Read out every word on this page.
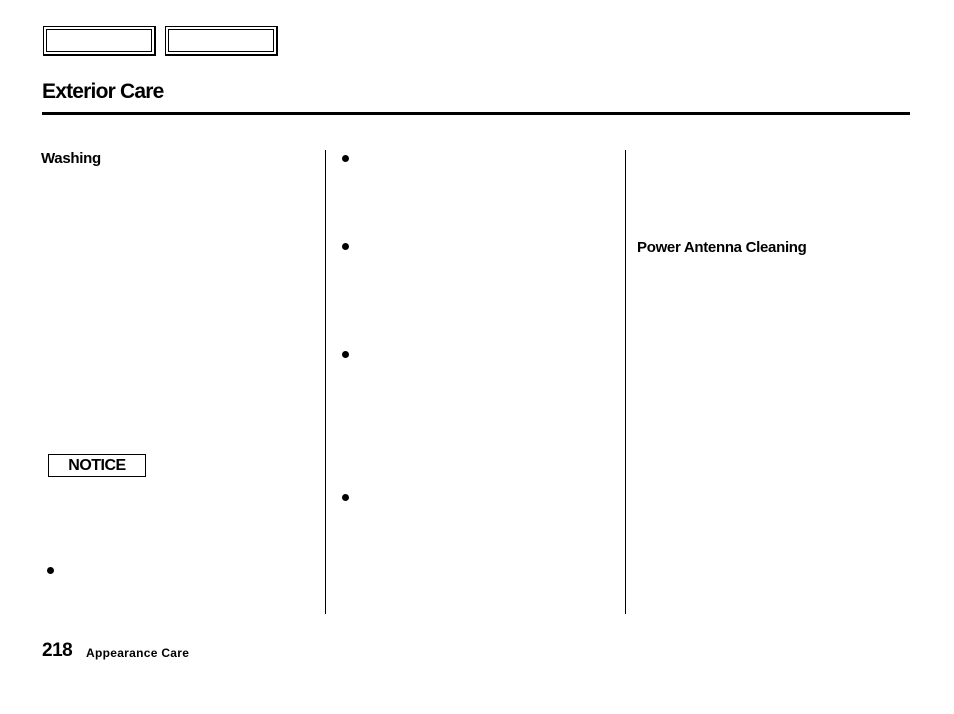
Exterior Care
Washing
NOTICE
Power Antenna Cleaning
218 Appearance Care
